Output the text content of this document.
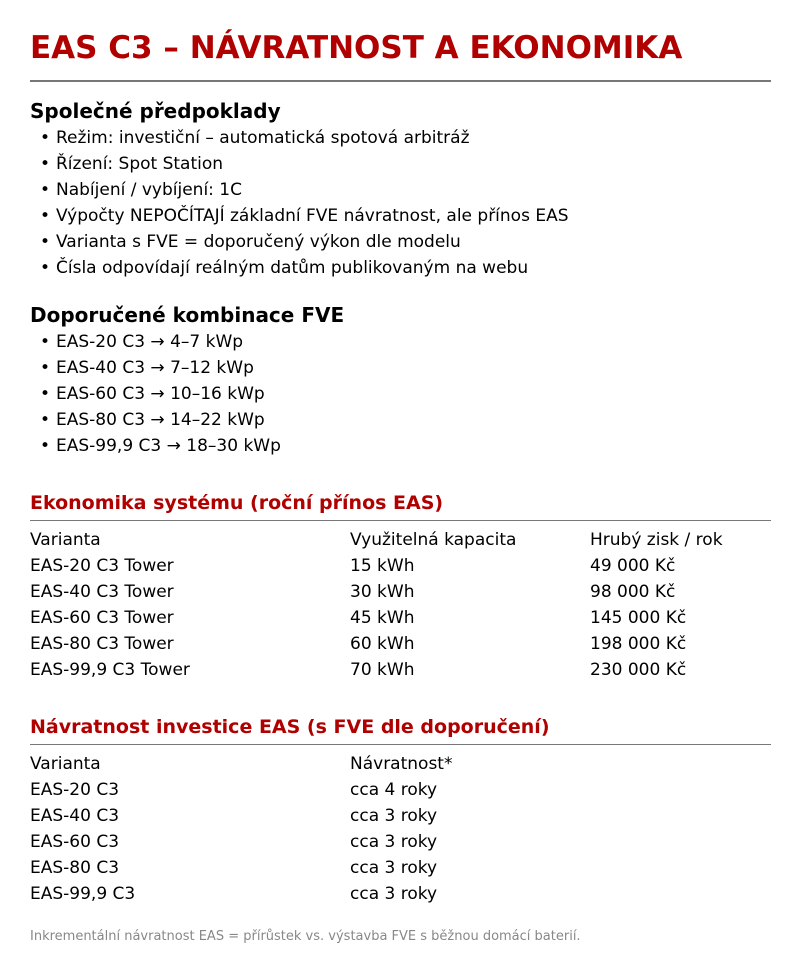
EAS C3 – NÁVRATNOST A EKONOMIKA
Společné předpoklady
• Režim: investiční – automatická spotová arbitráž
• Řízení: Spot Station
• Nabíjení / vybíjení: 1C
• Výpočty NEPOČÍTAJÍ základní FVE návratnost, ale přínos EAS
• Varianta s FVE = doporučený výkon dle modelu
• Čísla odpovídají reálným datům publikovaným na webu
Doporučené kombinace FVE
• EAS-20 C3 → 4–7 kWp
• EAS-40 C3 → 7–12 kWp
• EAS-60 C3 → 10–16 kWp
• EAS-80 C3 → 14–22 kWp
• EAS-99,9 C3 → 18–30 kWp
Ekonomika systému (roční přínos EAS)
Varianta	Využitelná kapacita	Hrubý zisk / rok
EAS-20 C3 Tower	15 kWh	49 000 Kč
EAS-40 C3 Tower	30 kWh	98 000 Kč
EAS-60 C3 Tower	45 kWh	145 000 Kč
EAS-80 C3 Tower	60 kWh	198 000 Kč
EAS-99,9 C3 Tower	70 kWh	230 000 Kč
Návratnost investice EAS (s FVE dle doporučení)
Varianta	Návratnost*
EAS-20 C3	cca 4 roky
EAS-40 C3	cca 3 roky
EAS-60 C3	cca 3 roky
EAS-80 C3	cca 3 roky
EAS-99,9 C3	cca 3 roky
Inkrementální návratnost EAS = přírůstek vs. výstavba FVE s běžnou domácí baterií.
